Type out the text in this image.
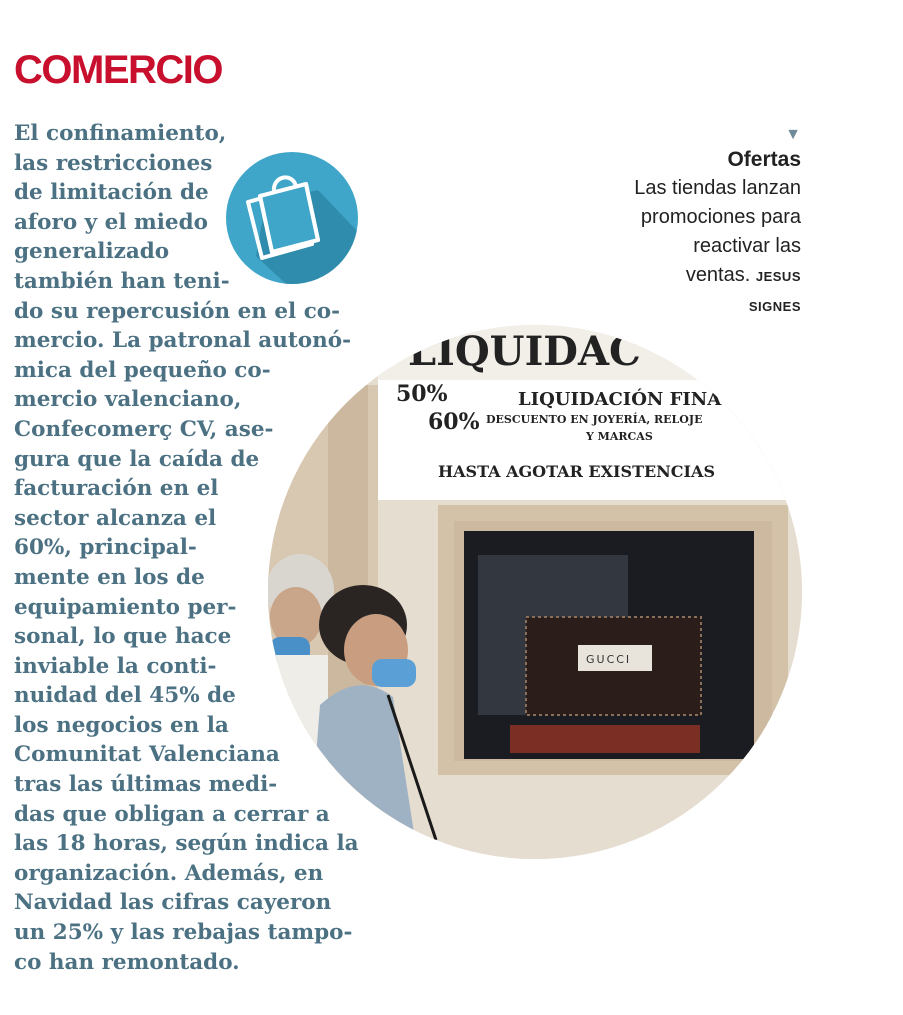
COMERCIO
El confinamiento,
las restricciones
de limitación de
aforo y el miedo
generalizado
también han teni-
do su repercusión en el co-
mercio. La patronal autonó-
mica del pequeño co-
mercio valenciano,
Confecomerç CV, ase-
gura que la caída de
facturación en el
sector alcanza el
60%, principal-
mente en los de
equipamiento per-
sonal, lo que hace
inviable la conti-
nuidad del 45% de
los negocios en la
Comunitat Valenciana
tras las últimas medi-
das que obligan a cerrar a
las 18 horas, según indica la
organización. Además, en
Navidad las cifras cayeron
un 25% y las rebajas tampo-
co han remontado.
▼
Ofertas
Las tiendas lanzan
promociones para
reactivar las
ventas. JESUS
SIGNES
LIQUIDAC
50%
60%
LIQUIDACIÓN FINA
DESCUENTO EN JOYERÍA, RELOJE
Y MARCAS
HASTA AGOTAR EXISTENCIAS
GUCCI
